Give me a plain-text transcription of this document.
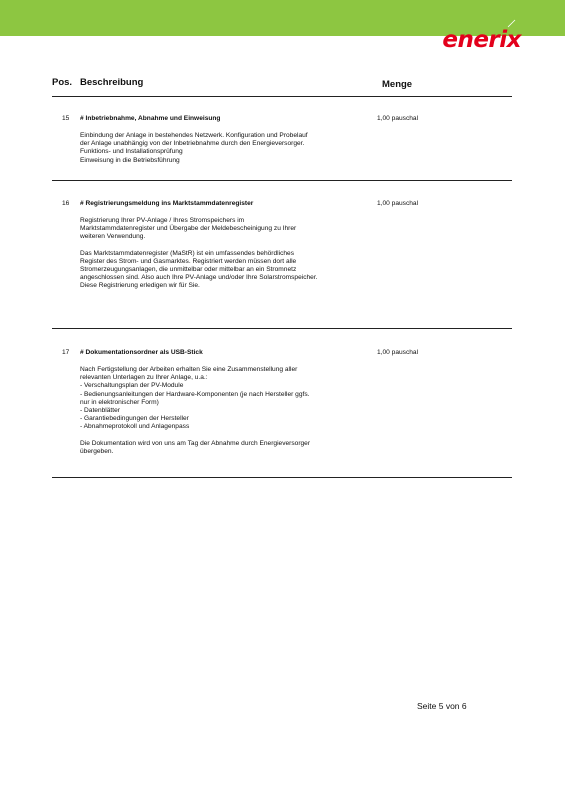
enerix
Pos. Beschreibung	Menge
15 # Inbetriebnahme, Abnahme und Einweisung	1,00 pauschal

Einbindung der Anlage in bestehendes Netzwerk. Konfiguration und Probelauf
der Anlage unabhängig von der Inbetriebnahme durch den Energieversorger.
Funktions- und Installationsprüfung
Einweisung in die Betriebsführung

16 # Registrierungsmeldung ins Marktstammdatenregister	1,00 pauschal

Registrierung Ihrer PV-Anlage / Ihres Stromspeichers im
Marktstammdatenregister und Übergabe der Meldebescheinigung zu Ihrer
weiteren Verwendung.

Das Marktstammdatenregister (MaStR) ist ein umfassendes behördliches
Register des Strom- und Gasmarktes. Registriert werden müssen dort alle
Stromerzeugungsanlagen, die unmittelbar oder mittelbar an ein Stromnetz
angeschlossen sind. Also auch Ihre PV-Anlage und/oder Ihre Solarstromspeicher.
Diese Registrierung erledigen wir für Sie.

17 # Dokumentationsordner als USB-Stick	1,00 pauschal

Nach Fertigstellung der Arbeiten erhalten Sie eine Zusammenstellung aller
relevanten Unterlagen zu Ihrer Anlage, u.a.:
- Verschaltungsplan der PV-Module
- Bedienungsanleitungen der Hardware-Komponenten (je nach Hersteller ggfs.
nur in elektronischer Form)
- Datenblätter
- Garantiebedingungen der Hersteller
- Abnahmeprotokoll und Anlagenpass

Die Dokumentation wird von uns am Tag der Abnahme durch Energieversorger
übergeben.

Seite 5 von 6
